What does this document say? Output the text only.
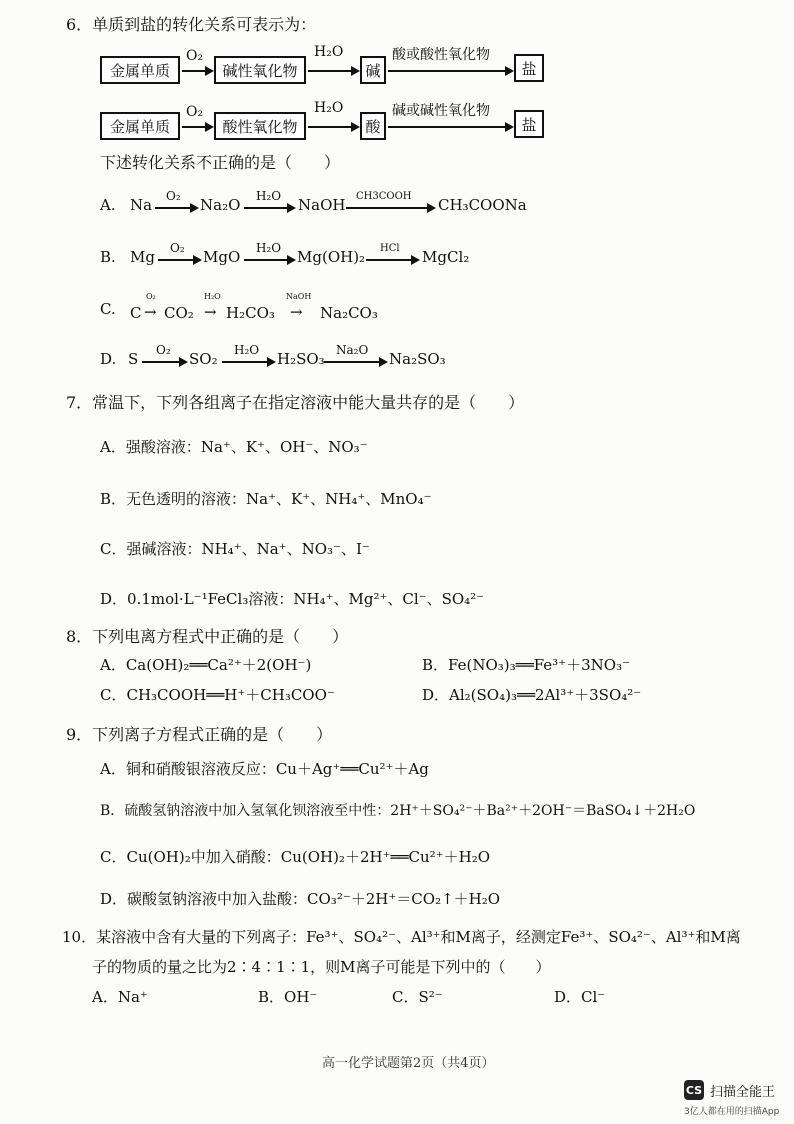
6．单质到盐的转化关系可表示为：
金属单质
O₂
碱性氧化物
H₂O
碱
酸或酸性氧化物
盐
金属单质
O₂
酸性氧化物
H₂O
酸
碱或碱性氧化物
盐
下述转化关系不正确的是（　　）
A. Na O₂ Na₂O H₂O NaOH CH3COOH CH₃COONa
B. Mg O₂ MgO H₂O Mg(OH)₂ HCl MgCl₂
C. C
O₂
→ CO₂
H₂O
→ H₂CO₃
NaOH
→ Na₂CO₃
D. S O₂ SO₂ H₂O H₂SO₃ Na₂O Na₂SO₃
7．常温下，下列各组离子在指定溶液中能大量共存的是（　　）
A．强酸溶液：Na⁺、K⁺、OH⁻、NO₃⁻
B．无色透明的溶液：Na⁺、K⁺、NH₄⁺、MnO₄⁻
C．强碱溶液：NH₄⁺、Na⁺、NO₃⁻、I⁻
D．0.1mol·L⁻¹FeCl₃溶液：NH₄⁺、Mg²⁺、Cl⁻、SO₄²⁻
8．下列电离方程式中正确的是（　　）
A．Ca(OH)₂══Ca²⁺＋2(OH⁻)	B．Fe(NO₃)₃══Fe³⁺＋3NO₃⁻
C．CH₃COOH══H⁺＋CH₃COO⁻	D．Al₂(SO₄)₃══2Al³⁺＋3SO₄²⁻
9．下列离子方程式正确的是（　　）
A．铜和硝酸银溶液反应：Cu＋Ag⁺══Cu²⁺＋Ag
B．硫酸氢钠溶液中加入氢氧化钡溶液至中性：2H⁺＋SO₄²⁻＋Ba²⁺＋2OH⁻＝BaSO₄↓＋2H₂O
C．Cu(OH)₂中加入硝酸：Cu(OH)₂＋2H⁺══Cu²⁺＋H₂O
D．碳酸氢钠溶液中加入盐酸：CO₃²⁻＋2H⁺＝CO₂↑＋H₂O
10．某溶液中含有大量的下列离子：Fe³⁺、SO₄²⁻、Al³⁺和M离子，经测定Fe³⁺、SO₄²⁻、Al³⁺和M离
子的物质的量之比为2∶4∶1∶1，则M离子可能是下列中的（　　）
A．Na⁺	B．OH⁻	C．S²⁻	D．Cl⁻
高一化学试题第2页（共4页）
CS 扫描全能王
3亿人都在用的扫描App
